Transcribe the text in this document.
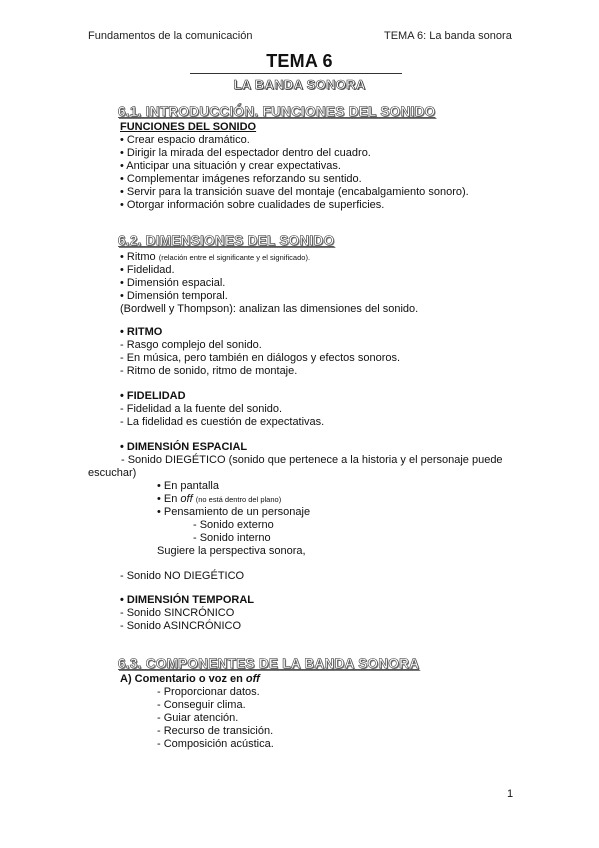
Fundamentos de la comunicación	TEMA 6: La banda sonora
TEMA 6
LA BANDA SONORA
6.1. INTRODUCCIÓN. FUNCIONES DEL SONIDO
FUNCIONES DEL SONIDO
• Crear espacio dramático.
• Dirigir la mirada del espectador dentro del cuadro.
• Anticipar una situación y crear expectativas.
• Complementar imágenes reforzando su sentido.
• Servir para la transición suave del montaje (encabalgamiento sonoro).
• Otorgar información sobre cualidades de superficies.
6.2. DIMENSIONES DEL SONIDO
• Ritmo (relación entre el significante y el significado).
• Fidelidad.
• Dimensión espacial.
• Dimensión temporal.
(Bordwell y Thompson): analizan las dimensiones del sonido.
• RITMO
- Rasgo complejo del sonido.
- En música, pero también en diálogos y efectos sonoros.
- Ritmo de sonido, ritmo de montaje.
• FIDELIDAD
- Fidelidad a la fuente del sonido.
- La fidelidad es cuestión de expectativas.
• DIMENSIÓN ESPACIAL
- Sonido DIEGÉTICO (sonido que pertenece a la historia y el personaje puede
escuchar)
• En pantalla
• En off (no está dentro del plano)
• Pensamiento de un personaje
- Sonido externo
- Sonido interno
Sugiere la perspectiva sonora,
- Sonido NO DIEGÉTICO
• DIMENSIÓN TEMPORAL
- Sonido SINCRÓNICO
- Sonido ASINCRÓNICO
6.3. COMPONENTES DE LA BANDA SONORA
A) Comentario o voz en off
- Proporcionar datos.
- Conseguir clima.
- Guiar atención.
- Recurso de transición.
- Composición acústica.
1
